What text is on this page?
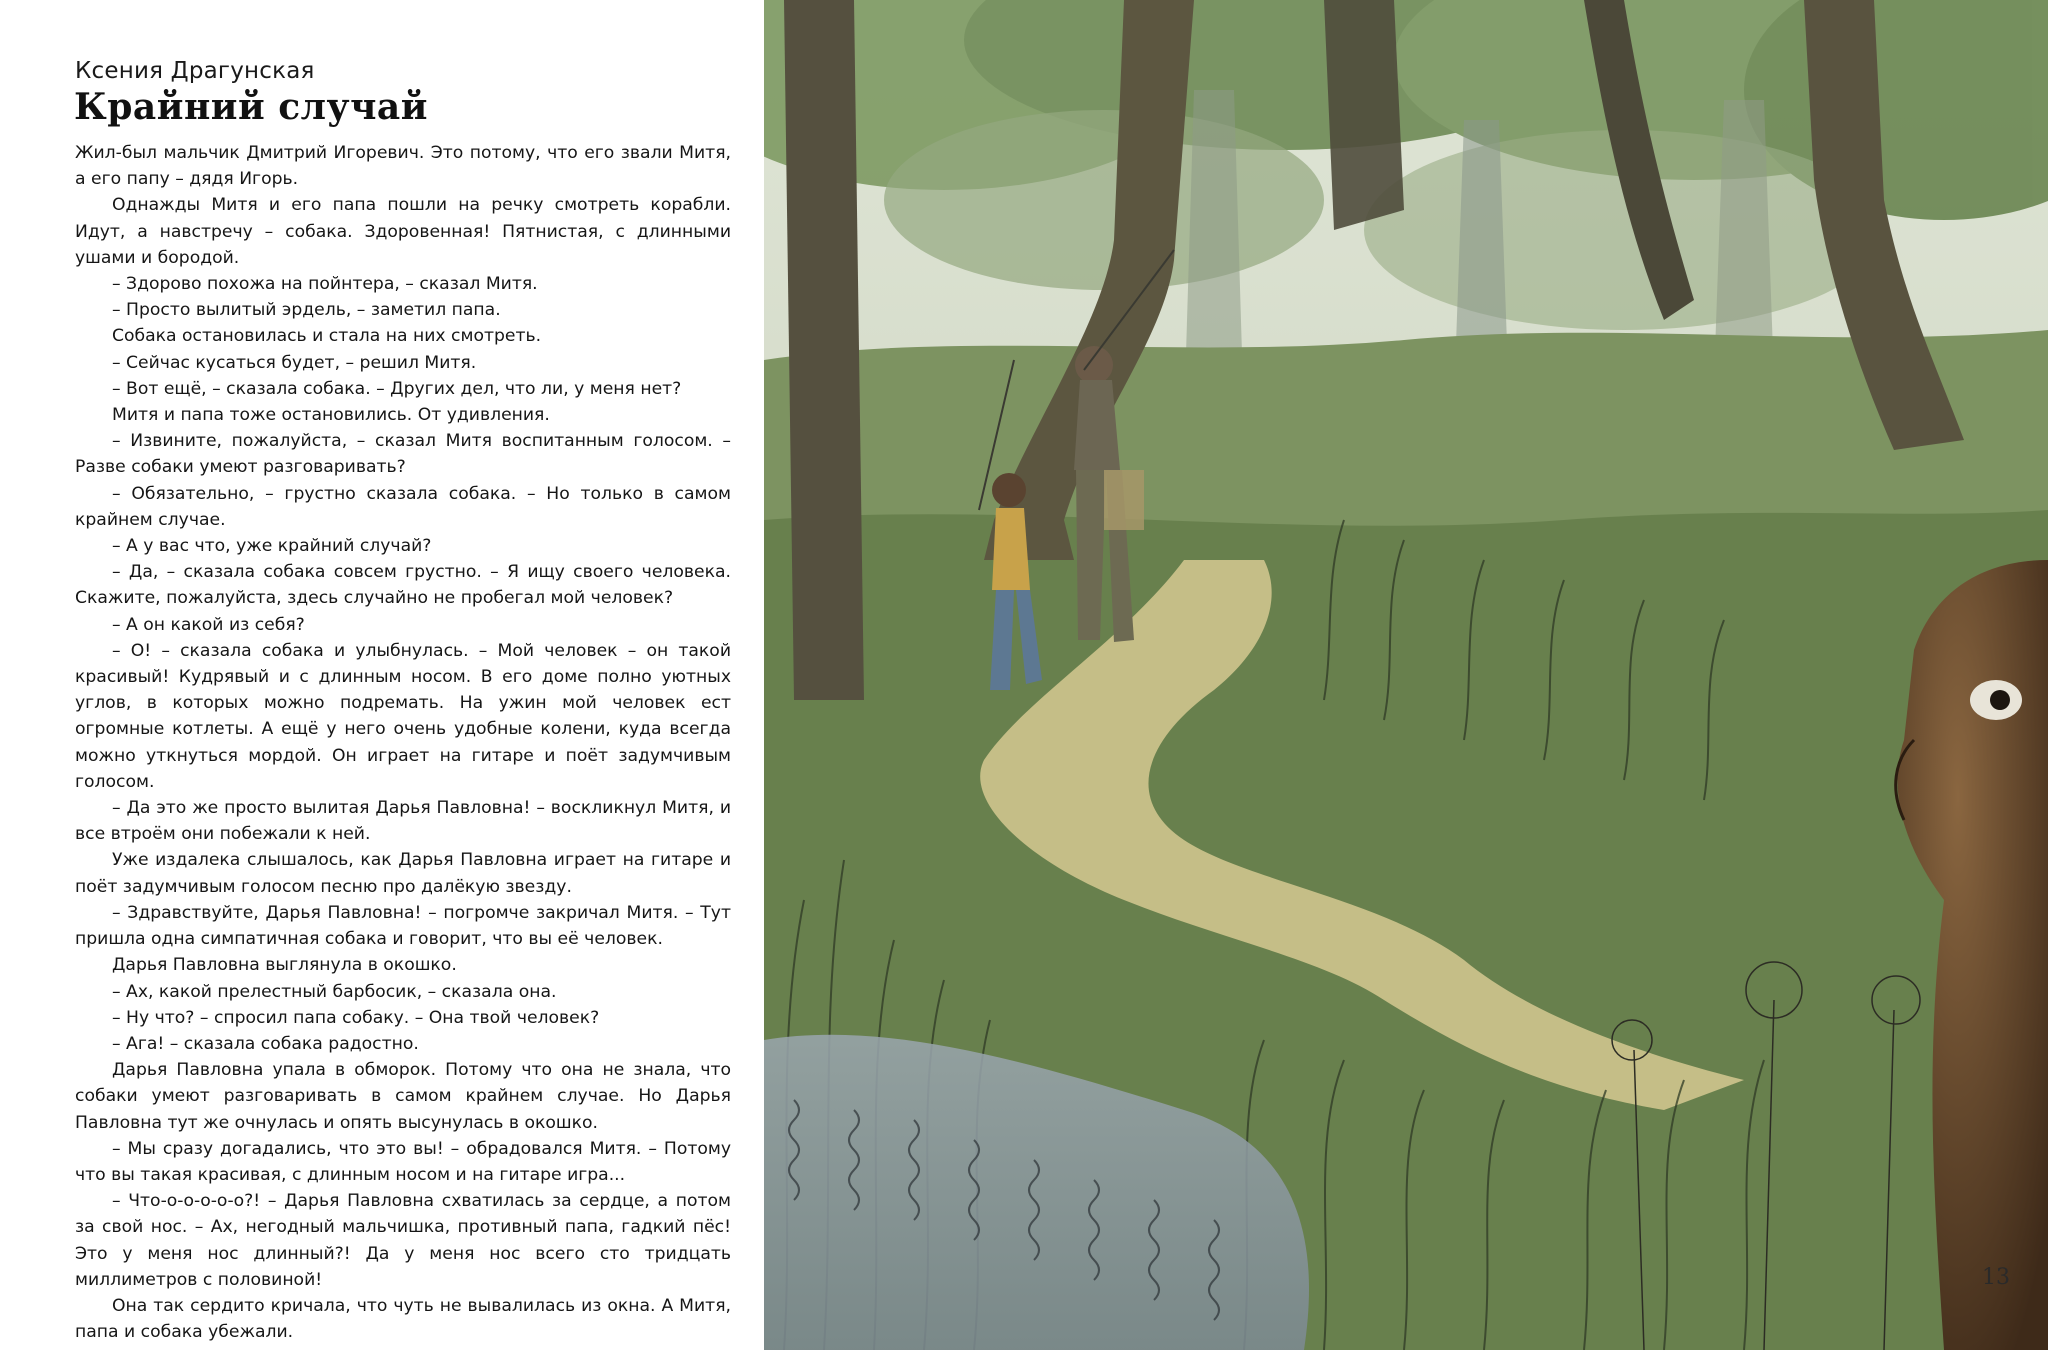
Ксения Драгунская
Крайний случай

Жил-был мальчик Дмитрий Игоревич. Это потому, что его звали Митя, а его папу – дядя Игорь.

Однажды Митя и его папа пошли на речку смотреть корабли. Идут, а навстречу – собака. Здоровенная! Пятнистая, с длинными ушами и бородой.

– Здорово похожа на пойнтера, – сказал Митя.

– Просто вылитый эрдель, – заметил папа.

Собака остановилась и стала на них смотреть.

– Сейчас кусаться будет, – решил Митя.

– Вот ещё, – сказала собака. – Других дел, что ли, у меня нет?

Митя и папа тоже остановились. От удивления.

– Извините, пожалуйста, – сказал Митя воспитанным голосом. – Разве собаки умеют разговаривать?

– Обязательно, – грустно сказала собака. – Но только в самом крайнем случае.

– А у вас что, уже крайний случай?

– Да, – сказала собака совсем грустно. – Я ищу своего человека. Скажите, пожалуйста, здесь случайно не пробегал мой человек?

– А он какой из себя?

– О! – сказала собака и улыбнулась. – Мой человек – он такой красивый! Кудрявый и с длинным носом. В его доме полно уютных углов, в которых можно подремать. На ужин мой человек ест огромные котлеты. А ещё у него очень удобные колени, куда всегда можно уткнуться мордой. Он играет на гитаре и поёт задумчивым голосом.

– Да это же просто вылитая Дарья Павловна! – воскликнул Митя, и все втроём они побежали к ней.

Уже издалека слышалось, как Дарья Павловна играет на гитаре и поёт задумчивым голосом песню про далёкую звезду.

– Здравствуйте, Дарья Павловна! – погромче закричал Митя. – Тут пришла одна симпатичная собака и говорит, что вы её человек.

Дарья Павловна выглянула в окошко.

– Ах, какой прелестный барбосик, – сказала она.

– Ну что? – спросил папа собаку. – Она твой человек?

– Ага! – сказала собака радостно.

Дарья Павловна упала в обморок. Потому что она не знала, что собаки умеют разговаривать в самом крайнем случае. Но Дарья Павловна тут же очнулась и опять высунулась в окошко.

– Мы сразу догадались, что это вы! – обрадовался Митя. – Потому что вы такая красивая, с длинным носом и на гитаре игра...

– Что-о-о-о-о-о?! – Дарья Павловна схватилась за сердце, а потом за свой нос. – Ах, негодный мальчишка, противный папа, гадкий пёс! Это у меня нос длинный?! Да у меня нос всего сто тридцать миллиметров с половиной!

Она так сердито кричала, что чуть не вывалилась из окна. А Митя, папа и собака убежали.

13
